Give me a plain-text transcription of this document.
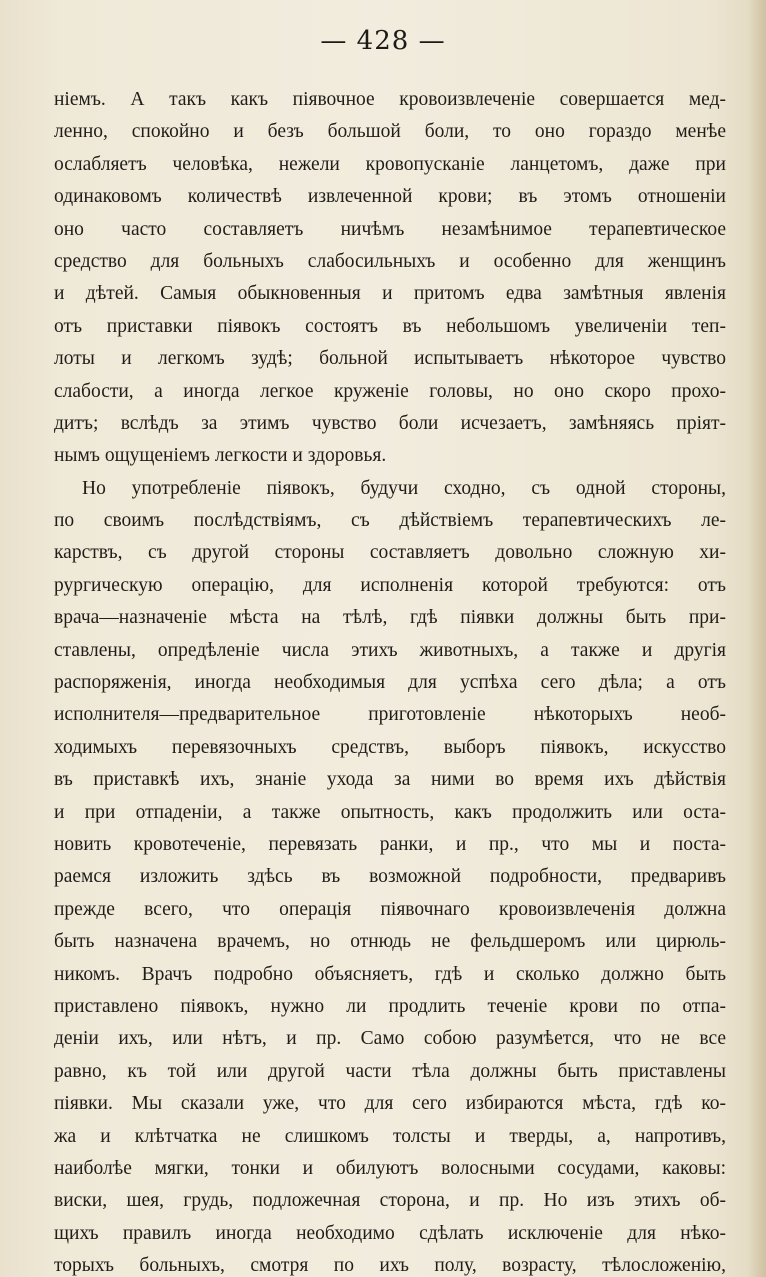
— 428 —
ніемъ. А такъ какъ піявочное кровоизвлеченіе совершается мед-
ленно, спокойно и безъ большой боли, то оно гораздо менѣе
ослабляетъ человѣка, нежели кровопусканіе ланцетомъ, даже при
одинаковомъ количествѣ извлеченной крови; въ этомъ отношеніи
оно часто составляетъ ничѣмъ незамѣнимое терапевтическое
средство для больныхъ слабосильныхъ и особенно для женщинъ
и дѣтей. Самыя обыкновенныя и притомъ едва замѣтныя явленія
отъ приставки піявокъ состоятъ въ небольшомъ увеличеніи теп-
лоты и легкомъ зудѣ; больной испытываетъ нѣкоторое чувство
слабости, а иногда легкое круженіе головы, но оно скоро прохо-
дитъ; вслѣдъ за этимъ чувство боли исчезаетъ, замѣняясь пріят-
нымъ ощущеніемъ легкости и здоровья.
Но употребленіе піявокъ, будучи сходно, съ одной стороны,
по своимъ послѣдствіямъ, съ дѣйствіемъ терапевтическихъ ле-
карствъ, съ другой стороны составляетъ довольно сложную хи-
рургическую операцію, для исполненія которой требуются: отъ
врача—назначеніе мѣста на тѣлѣ, гдѣ піявки должны быть при-
ставлены, опредѣленіе числа этихъ животныхъ, а также и другія
распоряженія, иногда необходимыя для успѣха сего дѣла; а отъ
исполнителя—предварительное приготовленіе нѣкоторыхъ необ-
ходимыхъ перевязочныхъ средствъ, выборъ піявокъ, искусство
въ приставкѣ ихъ, знаніе ухода за ними во время ихъ дѣйствія
и при отпаденіи, а также опытность, какъ продолжить или оста-
новить кровотеченіе, перевязать ранки, и пр., что мы и поста-
раемся изложить здѣсь въ возможной подробности, предваривъ
прежде всего, что операція піявочнаго кровоизвлеченія должна
быть назначена врачемъ, но отнюдь не фельдшеромъ или цирюль-
никомъ. Врачъ подробно объясняетъ, гдѣ и сколько должно быть
приставлено піявокъ, нужно ли продлить теченіе крови по отпа-
деніи ихъ, или нѣтъ, и пр. Само собою разумѣется, что не все
равно, къ той или другой части тѣла должны быть приставлены
піявки. Мы сказали уже, что для сего избираются мѣста, гдѣ ко-
жа и клѣтчатка не слишкомъ толсты и тверды, а, напротивъ,
наиболѣе мягки, тонки и обилуютъ волосными сосудами, каковы:
виски, шея, грудь, подложечная сторона, и пр. Но изъ этихъ об-
щихъ правилъ иногда необходимо сдѣлать исключеніе для нѣко-
торыхъ больныхъ, смотря по ихъ полу, возрасту, тѣлосложенію,
